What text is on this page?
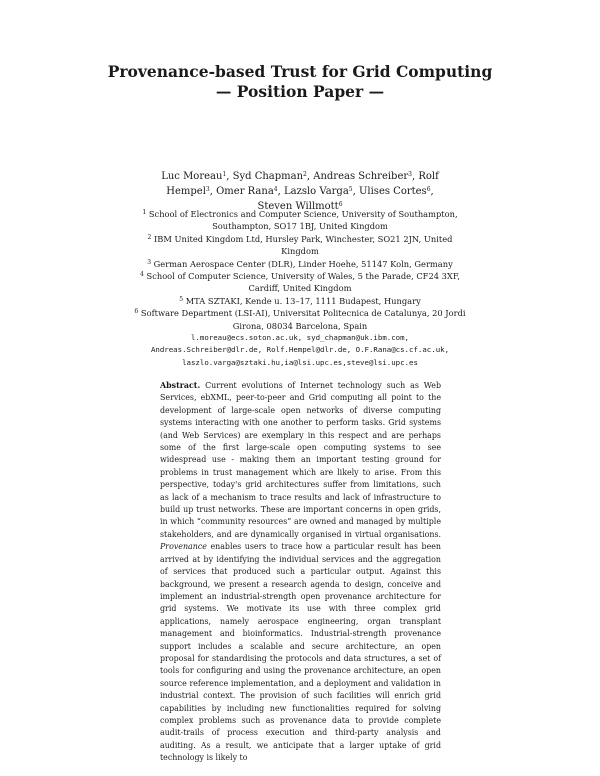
Provenance-based Trust for Grid Computing
— Position Paper —
Luc Moreau$^1$, Syd Chapman$^2$, Andreas Schreiber$^3$, Rolf Hempel$^3$, Omer Rana$^4$, Lazslo Varga$^5$, Ulises Cortes$^6$, Steven Willmott$^6$

$^1$ School of Electronics and Computer Science, University of Southampton, Southampton, SO17 1BJ, United Kingdom

$^2$ IBM United Kingdom Ltd, Hursley Park, Winchester, SO21 2JN, United Kingdom

$^3$ German Aerospace Center (DLR), Linder Hoehe, 51147 Koln, Germany

$^4$ School of Computer Science, University of Wales, 5 the Parade, CF24 3XF, Cardiff, United Kingdom

$^5$ MTA SZTAKI, Kende u. 13–17, 1111 Budapest, Hungary

$^6$ Software Department (LSI-AI), Universitat Politecnica de Catalunya, 20 Jordi Girona, 08034 Barcelona, Spain

l.moreau@ecs.soton.ac.uk, syd_chapman@uk.ibm.com,
Andreas.Schreiber@dlr.de, Rolf.Hempel@dlr.de, O.F.Rana@cs.cf.ac.uk,
laszlo.varga@sztaki.hu,ia@lsi.upc.es,steve@lsi.upc.es
Abstract. Current evolutions of Internet technology such as Web Services, ebXML, peer-to-peer and Grid computing all point to the development of large-scale open networks of diverse computing systems interacting with one another to perform tasks. Grid systems (and Web Services) are exemplary in this respect and are perhaps some of the first large-scale open computing systems to see widespread use - making them an important testing ground for problems in trust management which are likely to arise. From this perspective, today's grid architectures suffer from limitations, such as lack of a mechanism to trace results and lack of infrastructure to build up trust networks. These are important concerns in open grids, in which “community resources” are owned and managed by multiple stakeholders, and are dynamically organised in virtual organisations. Provenance enables users to trace how a particular result has been arrived at by identifying the individual services and the aggregation of services that produced such a particular output. Against this background, we present a research agenda to design, conceive and implement an industrial-strength open provenance architecture for grid systems. We motivate its use with three complex grid applications, namely aerospace engineering, organ transplant management and bioinformatics. Industrial-strength provenance support includes a scalable and secure architecture, an open proposal for standardising the protocols and data structures, a set of tools for configuring and using the provenance architecture, an open source reference implementation, and a deployment and validation in industrial context. The provision of such facilities will enrich grid capabilities by including new functionalities required for solving complex problems such as provenance data to provide complete audit-trails of process execution and third-party analysis and auditing. As a result, we anticipate that a larger uptake of grid technology is likely to
